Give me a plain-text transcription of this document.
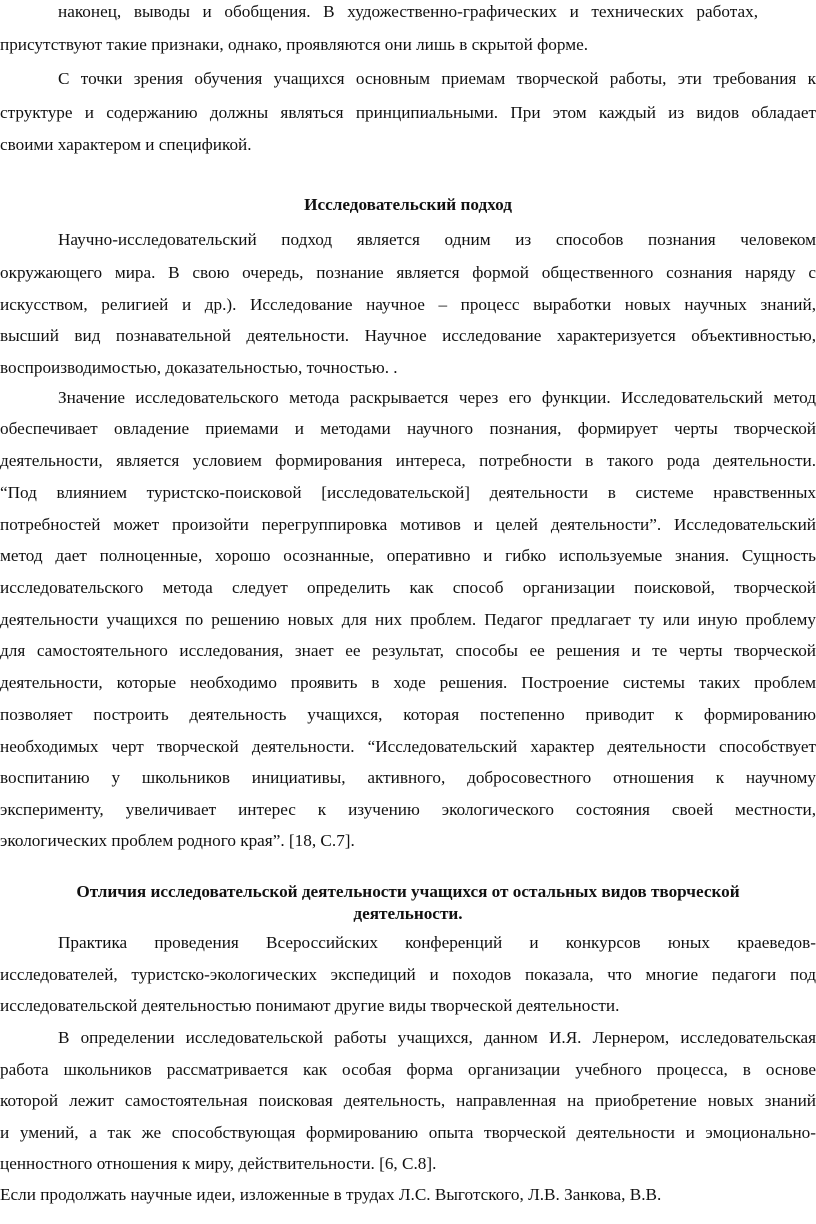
наконец, выводы и обобщения. В художественно-графических и технических работах,
присутствуют такие признаки, однако, проявляются они лишь в скрытой форме.
С точки зрения обучения учащихся основным приемам творческой работы, эти требования к
структуре и содержанию должны являться принципиальными. При этом каждый из видов обладает
своими характером и спецификой.
Исследовательский подход
Научно-исследовательский подход является одним из способов познания человеком
окружающего мира. В свою очередь, познание является формой общественного сознания наряду с
искусством, религией и др.). Исследование научное – процесс выработки новых научных знаний,
высший вид познавательной деятельности. Научное исследование характеризуется объективностью,
воспроизводимостью, доказательностью, точностью. .
Значение исследовательского метода раскрывается через его функции. Исследовательский метод
обеспечивает овладение приемами и методами научного познания, формирует черты творческой
деятельности, является условием формирования интереса, потребности в такого рода деятельности.
“Под влиянием туристско-поисковой [исследовательской] деятельности в системе нравственных
потребностей может произойти перегруппировка мотивов и целей деятельности”. Исследовательский
метод дает полноценные, хорошо осознанные, оперативно и гибко используемые знания. Сущность
исследовательского метода следует определить как способ организации поисковой, творческой
деятельности учащихся по решению новых для них проблем. Педагог предлагает ту или иную проблему
для самостоятельного исследования, знает ее результат, способы ее решения и те черты творческой
деятельности, которые необходимо проявить в ходе решения. Построение системы таких проблем
позволяет построить деятельность учащихся, которая постепенно приводит к формированию
необходимых черт творческой деятельности. “Исследовательский характер деятельности способствует
воспитанию у школьников инициативы, активного, добросовестного отношения к научному
эксперименту, увеличивает интерес к изучению экологического состояния своей местности,
экологических проблем родного края”. [18, С.7].
Отличия исследовательской деятельности учащихся от остальных видов творческой
деятельности.
Практика проведения Всероссийских конференций и конкурсов юных краеведов-
исследователей, туристско-экологических экспедиций и походов показала, что многие педагоги под
исследовательской деятельностью понимают другие виды творческой деятельности.
В определении исследовательской работы учащихся, данном И.Я. Лернером, исследовательская
работа школьников рассматривается как особая форма организации учебного процесса, в основе
которой лежит самостоятельная поисковая деятельность, направленная на приобретение новых знаний
и умений, а так же способствующая формированию опыта творческой деятельности и эмоционально-
ценностного отношения к миру, действительности. [6, С.8].
Если продолжать научные идеи, изложенные в трудах Л.С. Выготского, Л.В. Занкова, В.В.
